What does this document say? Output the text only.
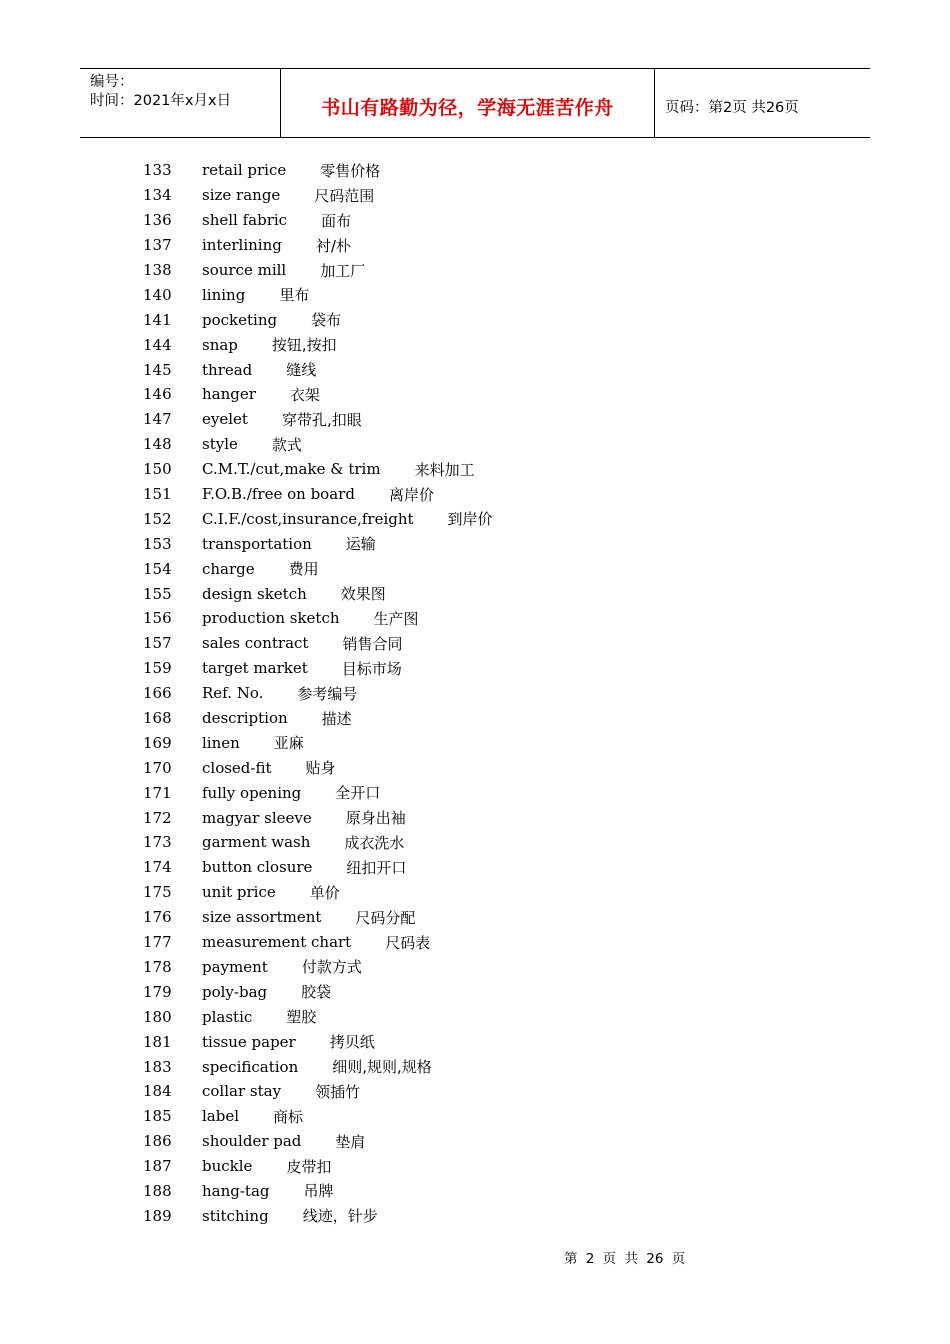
编号：
时间：2021年x月x日	书山有路勤为径，学海无涯苦作舟	页码：第2页 共26页
133	retail price 零售价格
134	size range 尺码范围
136	shell fabric 面布
137	interlining 衬/朴
138	source mill 加工厂
140	lining 里布
141	pocketing 袋布
144	snap 按钮,按扣
145	thread 缝线
146	hanger 衣架
147	eyelet 穿带孔,扣眼
148	style 款式
150	C.M.T./cut,make & trim 来料加工
151	F.O.B./free on board 离岸价
152	C.I.F./cost,insurance,freight 到岸价
153	transportation 运输
154	charge 费用
155	design sketch 效果图
156	production sketch 生产图
157	sales contract 销售合同
159	target market 目标市场
166	Ref. No. 参考编号
168	description 描述
169	linen 亚麻
170	closed-fit 贴身
171	fully opening 全开口
172	magyar sleeve 原身出袖
173	garment wash 成衣洗水
174	button closure 纽扣开口
175	unit price 单价
176	size assortment 尺码分配
177	measurement chart 尺码表
178	payment 付款方式
179	poly-bag 胶袋
180	plastic 塑胶
181	tissue paper 拷贝纸
183	specification 细则,规则,规格
184	collar stay 领插竹
185	label 商标
186	shoulder pad 垫肩
187	buckle 皮带扣
188	hang-tag 吊牌
189	stitching 线迹，针步
第 2 页 共 26 页
